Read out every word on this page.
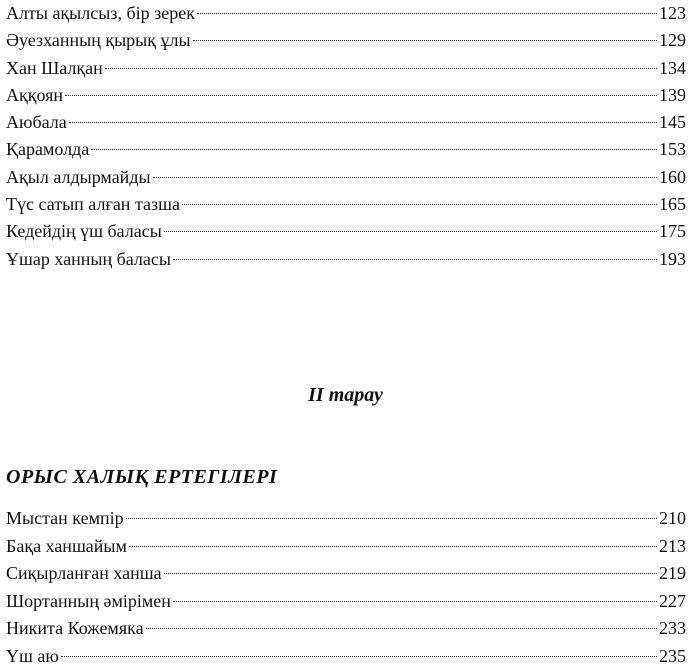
Алты ақылсыз, бір зерек	123
Әуезханның қырық ұлы	129
Хан Шалқан	134
Аққоян	139
Аюбала	145
Қарамолда	153
Ақыл алдырмайды	160
Түс сатып алған тазша	165
Кедейдің үш баласы	175
Ұшар ханның баласы	193
II тарау
ОРЫС ХАЛЫҚ ЕРТЕГІЛЕРІ
Мыстан кемпір	210
Бақа ханшайым	213
Сиқырланған ханша	219
Шортанның әмірімен	227
Никита Кожемяка	233
Үш аю	235
